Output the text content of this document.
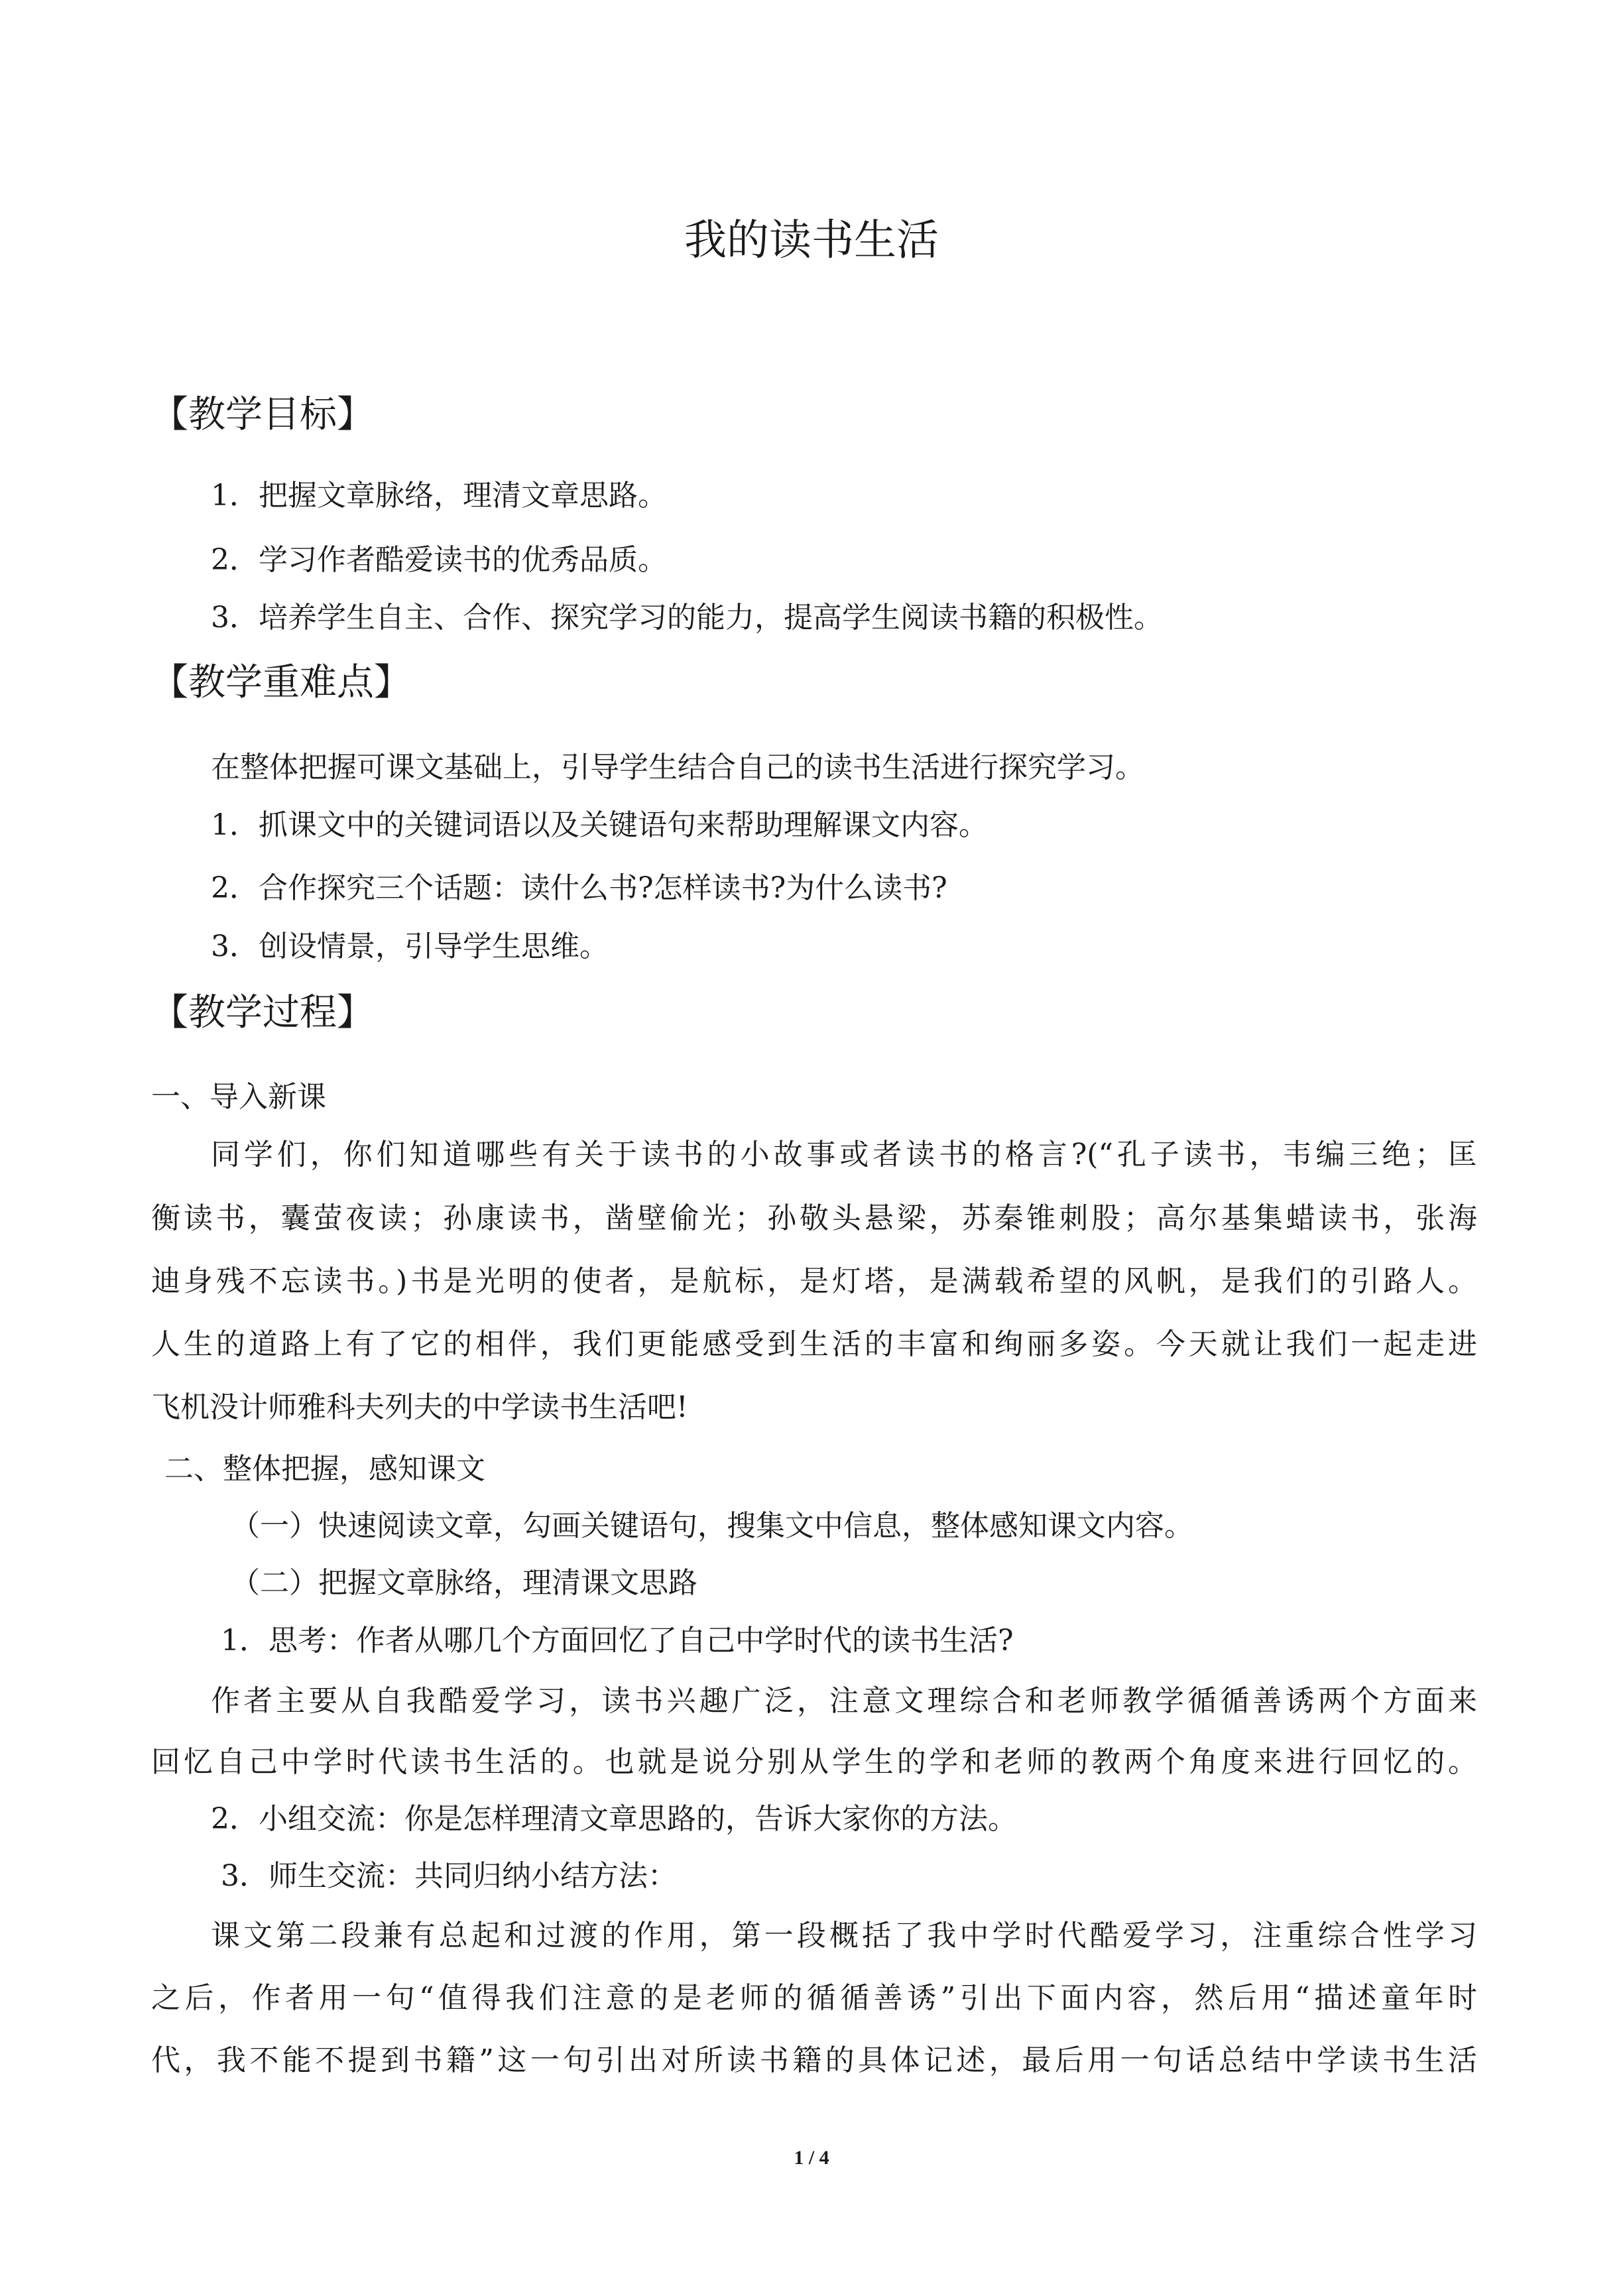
我的读书生活
【教学目标】
1．把握文章脉络，理清文章思路。
2．学习作者酷爱读书的优秀品质。
3．培养学生自主、合作、探究学习的能力，提高学生阅读书籍的积极性。
【教学重难点】
在整体把握可课文基础上，引导学生结合自己的读书生活进行探究学习。
1．抓课文中的关键词语以及关键语句来帮助理解课文内容。
2．合作探究三个话题：读什么书?怎样读书?为什么读书?
3．创设情景，引导学生思维。
【教学过程】
一、导入新课
同学们，你们知道哪些有关于读书的小故事或者读书的格言?(“孔子读书，韦编三绝；匡
衡读书，囊萤夜读；孙康读书，凿壁偷光；孙敬头悬梁，苏秦锥刺股；高尔基集蜡读书，张海
迪身残不忘读书。)书是光明的使者，是航标，是灯塔，是满载希望的风帆，是我们的引路人。
人生的道路上有了它的相伴，我们更能感受到生活的丰富和绚丽多姿。今天就让我们一起走进
飞机没计师雅科夫列夫的中学读书生活吧!
二、整体把握，感知课文
（一）快速阅读文章，勾画关键语句，搜集文中信息，整体感知课文内容。
（二）把握文章脉络，理清课文思路
1．思考：作者从哪几个方面回忆了自己中学时代的读书生活?
作者主要从自我酷爱学习，读书兴趣广泛，注意文理综合和老师教学循循善诱两个方面来
回忆自己中学时代读书生活的。也就是说分别从学生的学和老师的教两个角度来进行回忆的。
2．小组交流：你是怎样理清文章思路的，告诉大家你的方法。
3．师生交流：共同归纳小结方法：
课文第二段兼有总起和过渡的作用，第一段概括了我中学时代酷爱学习，注重综合性学习
之后，作者用一句“值得我们注意的是老师的循循善诱”引出下面内容，然后用“描述童年时
代，我不能不提到书籍”这一句引出对所读书籍的具体记述，最后用一句话总结中学读书生活
1 / 4
